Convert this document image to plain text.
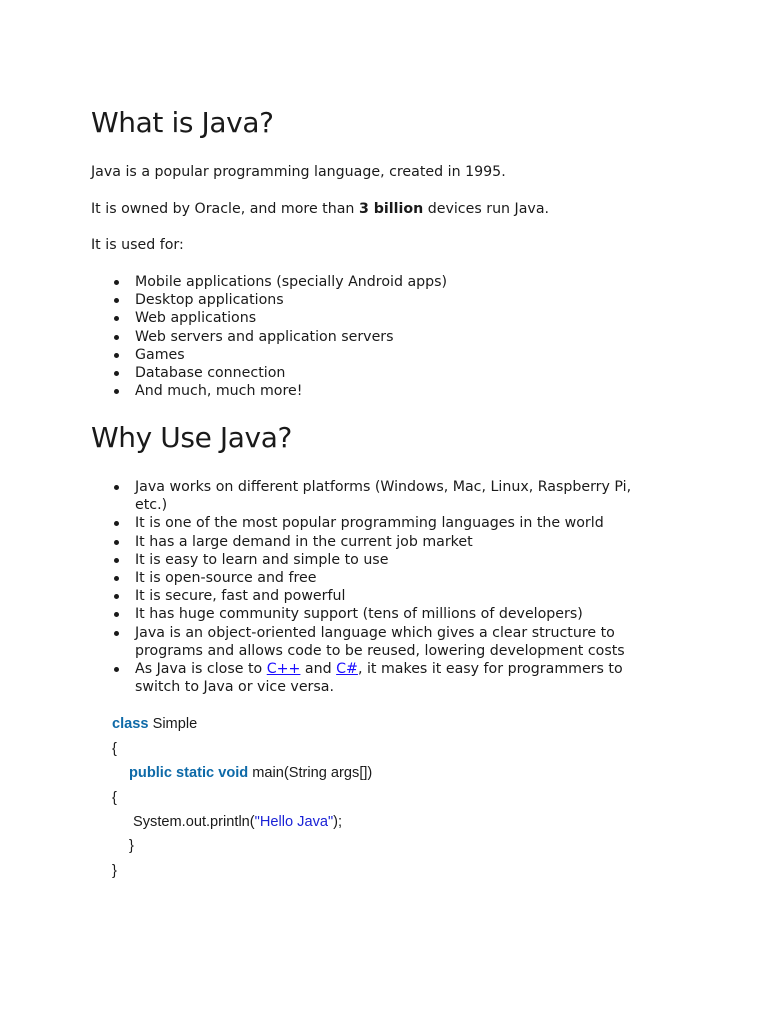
What is Java?

Java is a popular programming language, created in 1995.

It is owned by Oracle, and more than 3 billion devices run Java.

It is used for:

Mobile applications (specially Android apps)
Desktop applications
Web applications
Web servers and application servers
Games
Database connection
And much, much more!
Why Use Java?
Java works on different platforms (Windows, Mac, Linux, Raspberry Pi, etc.)
It is one of the most popular programming languages in the world
It has a large demand in the current job market
It is easy to learn and simple to use
It is open-source and free
It is secure, fast and powerful
It has huge community support (tens of millions of developers)
Java is an object-oriented language which gives a clear structure to programs and allows code to be reused, lowering development costs
As Java is close to C++ and C#, it makes it easy for programmers to switch to Java or vice versa.
class Simple
{
public static void main(String args[])
{
System.out.println("Hello Java");
}
}
